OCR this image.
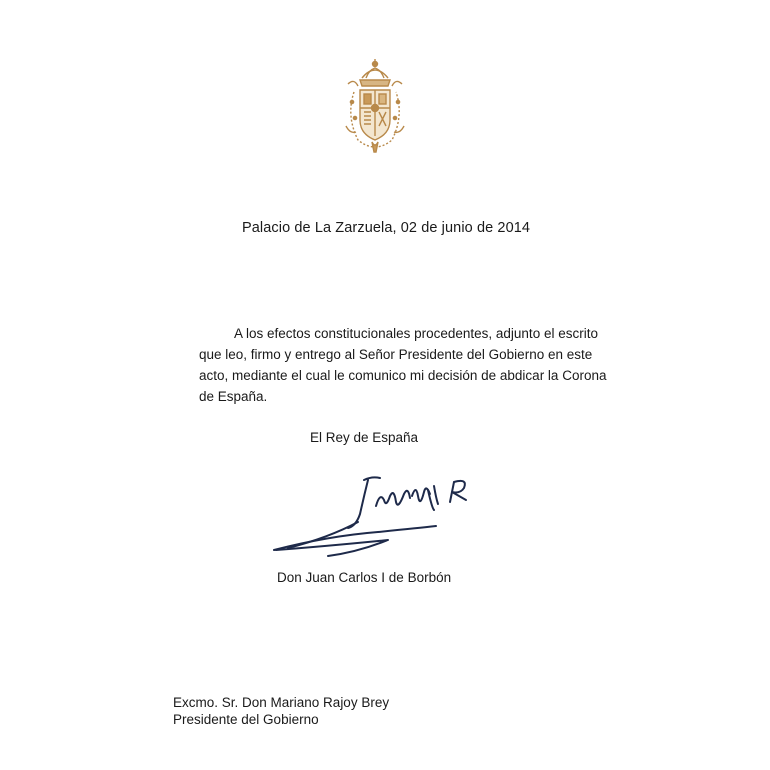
Palacio de La Zarzuela, 02 de junio de 2014
A los efectos constitucionales procedentes, adjunto el escrito
que leo, firmo y entrego al Señor Presidente del Gobierno en este
acto, mediante el cual le comunico mi decisión de abdicar la Corona
de España.
El Rey de España
Don Juan Carlos I de Borbón
Excmo. Sr. Don Mariano Rajoy Brey
Presidente del Gobierno
